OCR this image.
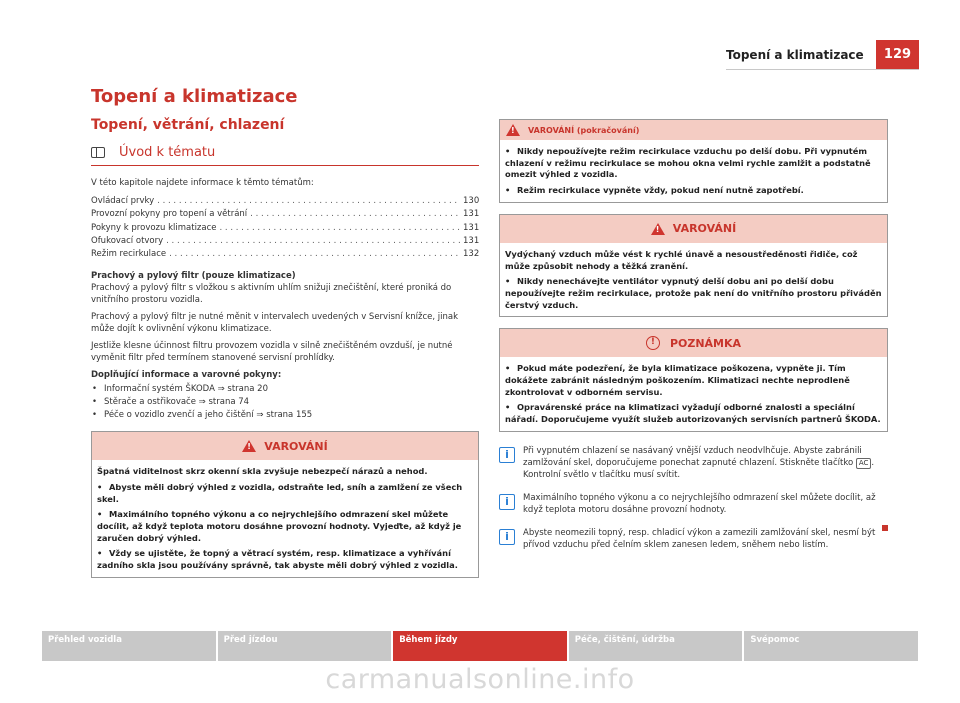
Topení a klimatizace	129
Topení a klimatizace
Topení, větrání, chlazení
Úvod k tématu
V této kapitole najdete informace k těmto tématům:
Ovládací prvky . . .	130
Provozní pokyny pro topení a větrání . . .	131
Pokyny k provozu klimatizace . . .	131
Ofukovací otvory . . .	131
Režim recirkulace . . .	132
Prachový a pylový filtr (pouze klimatizace)
Prachový a pylový filtr s vložkou s aktivním uhlím snižuji znečištění, které proniká do vnitřního prostoru vozidla.
Prachový a pylový filtr je nutné měnit v intervalech uvedených v Servisní knížce, jinak může dojít k ovlivnění výkonu klimatizace.
Jestliže klesne účinnost filtru provozem vozidla v silně znečištěném ovzduší, je nutné vyměnit filtr před termínem stanovené servisní prohlídky.
Doplňující informace a varovné pokyny:
• Informační systém ŠKODA ⇒ strana 20
• Stěrače a ostřikovače ⇒ strana 74
• Péče o vozidlo zvenčí a jeho čištění ⇒ strana 155
!
VAROVÁNÍ
Špatná viditelnost skrz okenní skla zvyšuje nebezpečí nárazů a nehod.
• Abyste měli dobrý výhled z vozidla, odstraňte led, sníh a zamlžení ze všech skel.
• Maximálního topného výkonu a co nejrychlejšího odmrazení skel můžete docílit, až když teplota motoru dosáhne provozní hodnoty. Vyjeďte, až když je zaručen dobrý výhled.
• Vždy se ujistěte, že topný a větrací systém, resp. klimatizace a vyhřívání zadního skla jsou používány správně, tak abyste měli dobrý výhled z vozidla.
!
VAROVÁNÍ (pokračování)
• Nikdy nepoužívejte režim recirkulace vzduchu po delší dobu. Při vypnutém chlazení v režimu recirkulace se mohou okna velmi rychle zamlžit a podstatně omezit výhled z vozidla.
• Režim recirkulace vypněte vždy, pokud není nutně zapotřebí.
!
VAROVÁNÍ
Vydýchaný vzduch může vést k rychlé únavě a nesoustředěnosti řidiče, což může způsobit nehody a těžká zranění.
• Nikdy nenechávejte ventilátor vypnutý delší dobu ani po delší dobu nepoužívejte režim recirkulace, protože pak není do vnitřního prostoru přiváděn čerstvý vzduch.
!	POZNÁMKA
• Pokud máte podezření, že byla klimatizace poškozena, vypněte ji. Tím dokážete zabránit následným poškozením. Klimatizaci nechte neprodleně zkontrolovat v odborném servisu.
• Opravárenské práce na klimatizaci vyžadují odborné znalosti a speciální nářadí. Doporučujeme využít služeb autorizovaných servisních partnerů ŠKODA.
i	Při vypnutém chlazení se nasávaný vnější vzduch neodvlhčuje. Abyste zabránili zamlžování skel, doporučujeme ponechat zapnuté chlazení. Stiskněte tlačítko AC . Kontrolní světlo v tlačítku musí svítit.
i	Maximálního topného výkonu a co nejrychlejšího odmrazení skel můžete docílit, až když teplota motoru dosáhne provozní hodnoty.
i	Abyste neomezili topný, resp. chladicí výkon a zamezili zamlžování skel, nesmí být přívod vzduchu před čelním sklem zanesen ledem, sněhem nebo listím.
Přehled vozidla	Před jízdou	Během jízdy	Péče, čištění, údržba	Svépomoc
carmanualsonline.info
